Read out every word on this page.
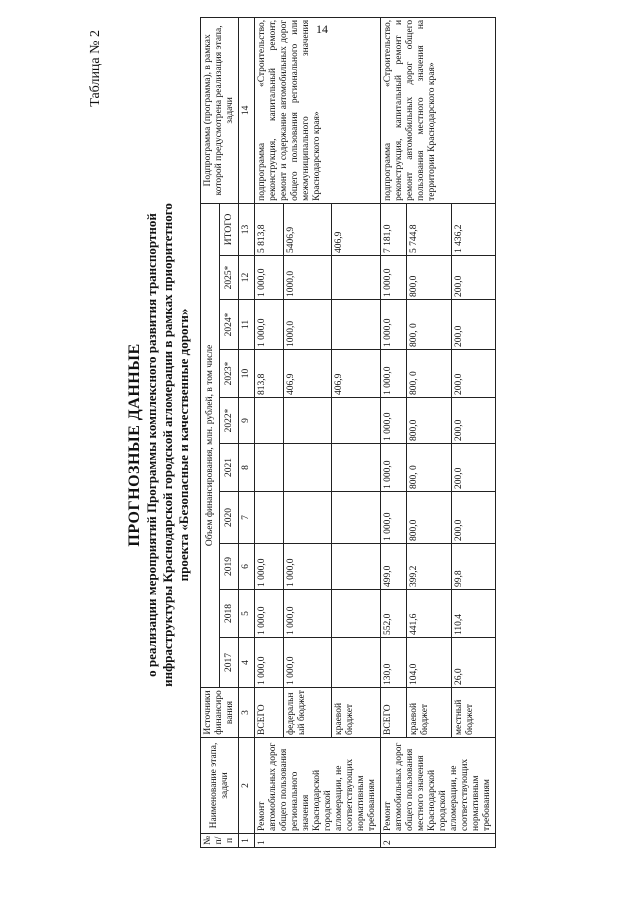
14
Таблица № 2
ПРОГНОЗНЫЕ ДАННЫЕ о реализации мероприятий Программы комплексного развития транспортной инфраструктуры Краснодарской городской агломерации в рамках приоритетного проекта «Безопасные и качественные дороги»
№ п/п	Наименование этапа, задачи	Источники финансирования	Объем финансирования, млн. рублей, в том числе										Подпрограмма (программа), в рамках которой предусмотрена реализация этапа, задачи
			2017	2018	2019	2020	2021	2022*	2023*	2024*	2025*	ИТОГО	
1	2	3	4	5	6	7	8	9	10	11	12	13	14
1	Ремонт автомобильных дорог общего пользования регионального значения Краснодарской городской агломерации, не соответствующих нормативным требованиям	ВСЕГО	1 000,0	1 000,0	1 000,0				813,8	1 000,0	1 000,0	5 813,8	подпрограмма «Строительство, реконструкция, капитальный ремонт, ремонт и содержание автомобильных дорог общего пользования регионального или межмуниципального значения Краснодарского края»
		федеральный бюджет	1 000,0	1 000,0	1 000,0				406,9	1000,0	1000,0	5406,9	
		краевой бюджет							406,9			406,9	
2	Ремонт автомобильных дорог общего пользования местного значения Краснодарской городской агломерации, не соответствующих нормативным требованиям	ВСЕГО	130,0	552,0	499,0	1 000,0	1 000,0	1 000,0	1 000,0	1 000,0	1 000,0	7 181,0	подпрограмма «Строительство, реконструкция, капитальный ремонт и ремонт автомобильных дорог общего пользования местного значения на территории Краснодарского края»
		краевой бюджет	104,0	441,6	399,2	800,0	800, 0	800,0	800, 0	800, 0	800,0	5 744,8	
		местный бюджет	26,0	110,4	99,8	200,0	200,0	200,0	200,0	200,0	200,0	1 436,2	
